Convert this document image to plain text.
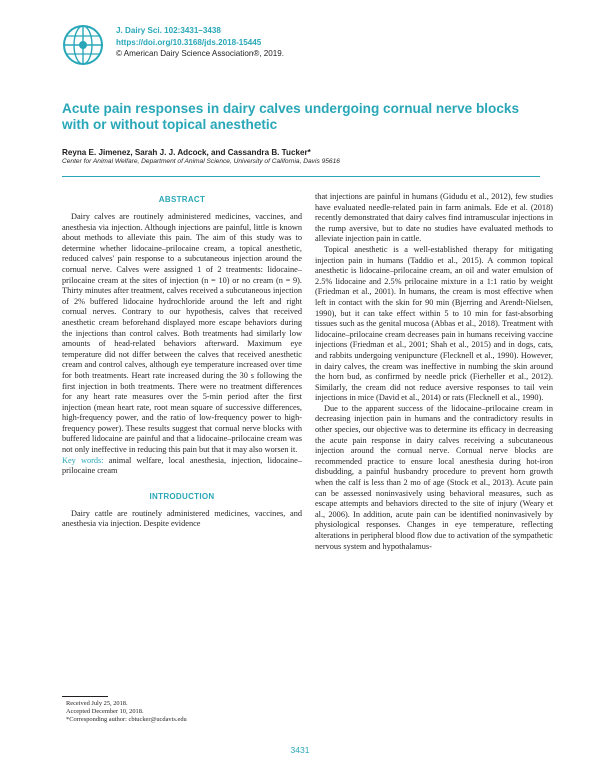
J. Dairy Sci. 102:3431–3438
https://doi.org/10.3168/jds.2018-15445
© American Dairy Science Association®, 2019.
Acute pain responses in dairy calves undergoing cornual nerve blocks with or without topical anesthetic
Reyna E. Jimenez, Sarah J. J. Adcock, and Cassandra B. Tucker*
Center for Animal Welfare, Department of Animal Science, University of California, Davis 95616
ABSTRACT

Dairy calves are routinely administered medicines, vaccines, and anesthesia via injection. Although injections are painful, little is known about methods to alleviate this pain. The aim of this study was to determine whether lidocaine–prilocaine cream, a topical anesthetic, reduced calves' pain response to a subcutaneous injection around the cornual nerve. Calves were assigned 1 of 2 treatments: lidocaine–prilocaine cream at the sites of injection (n = 10) or no cream (n = 9). Thirty minutes after treatment, calves received a subcutaneous injection of 2% buffered lidocaine hydrochloride around the left and right cornual nerves. Contrary to our hypothesis, calves that received anesthetic cream beforehand displayed more escape behaviors during the injections than control calves. Both treatments had similarly low amounts of head-related behaviors afterward. Maximum eye temperature did not differ between the calves that received anesthetic cream and control calves, although eye temperature increased over time for both treatments. Heart rate increased during the 30 s following the first injection in both treatments. There were no treatment differences for any heart rate measures over the 5-min period after the first injection (mean heart rate, root mean square of successive differences, high-frequency power, and the ratio of low-frequency power to high-frequency power). These results suggest that cornual nerve blocks with buffered lidocaine are painful and that a lidocaine–prilocaine cream was not only ineffective in reducing this pain but that it may also worsen it.

Key words: animal welfare, local anesthesia, injection, lidocaine–prilocaine cream

INTRODUCTION

Dairy cattle are routinely administered medicines, vaccines, and anesthesia via injection. Despite evidence

Received July 25, 2018.
Accepted December 10, 2018.
*Corresponding author: cbtucker@ucdavis.edu

that injections are painful in humans (Gidudu et al., 2012), few studies have evaluated needle-related pain in farm animals. Ede et al. (2018) recently demonstrated that dairy calves find intramuscular injections in the rump aversive, but to date no studies have evaluated methods to alleviate injection pain in cattle.

Topical anesthetic is a well-established therapy for mitigating injection pain in humans (Taddio et al., 2015). A common topical anesthetic is lidocaine–prilocaine cream, an oil and water emulsion of 2.5% lidocaine and 2.5% prilocaine mixture in a 1:1 ratio by weight (Friedman et al., 2001). In humans, the cream is most effective when left in contact with the skin for 90 min (Bjerring and Arendt-Nielsen, 1990), but it can take effect within 5 to 10 min for fast-absorbing tissues such as the genital mucosa (Abbas et al., 2018). Treatment with lidocaine–prilocaine cream decreases pain in humans receiving vaccine injections (Friedman et al., 2001; Shah et al., 2015) and in dogs, cats, and rabbits undergoing venipuncture (Flecknell et al., 1990). However, in dairy calves, the cream was ineffective in numbing the skin around the horn bud, as confirmed by needle prick (Fierheller et al., 2012). Similarly, the cream did not reduce aversive responses to tail vein injections in mice (David et al., 2014) or rats (Flecknell et al., 1990).

Due to the apparent success of the lidocaine–prilocaine cream in decreasing injection pain in humans and the contradictory results in other species, our objective was to determine its efficacy in decreasing the acute pain response in dairy calves receiving a subcutaneous injection around the cornual nerve. Cornual nerve blocks are recommended practice to ensure local anesthesia during hot-iron disbudding, a painful husbandry procedure to prevent horn growth when the calf is less than 2 mo of age (Stock et al., 2013). Acute pain can be assessed noninvasively using behavioral measures, such as escape attempts and behaviors directed to the site of injury (Weary et al., 2006). In addition, acute pain can be identified noninvasively by physiological responses. Changes in eye temperature, reflecting alterations in peripheral blood flow due to activation of the sympathetic nervous system and hypothalamus-

3431
